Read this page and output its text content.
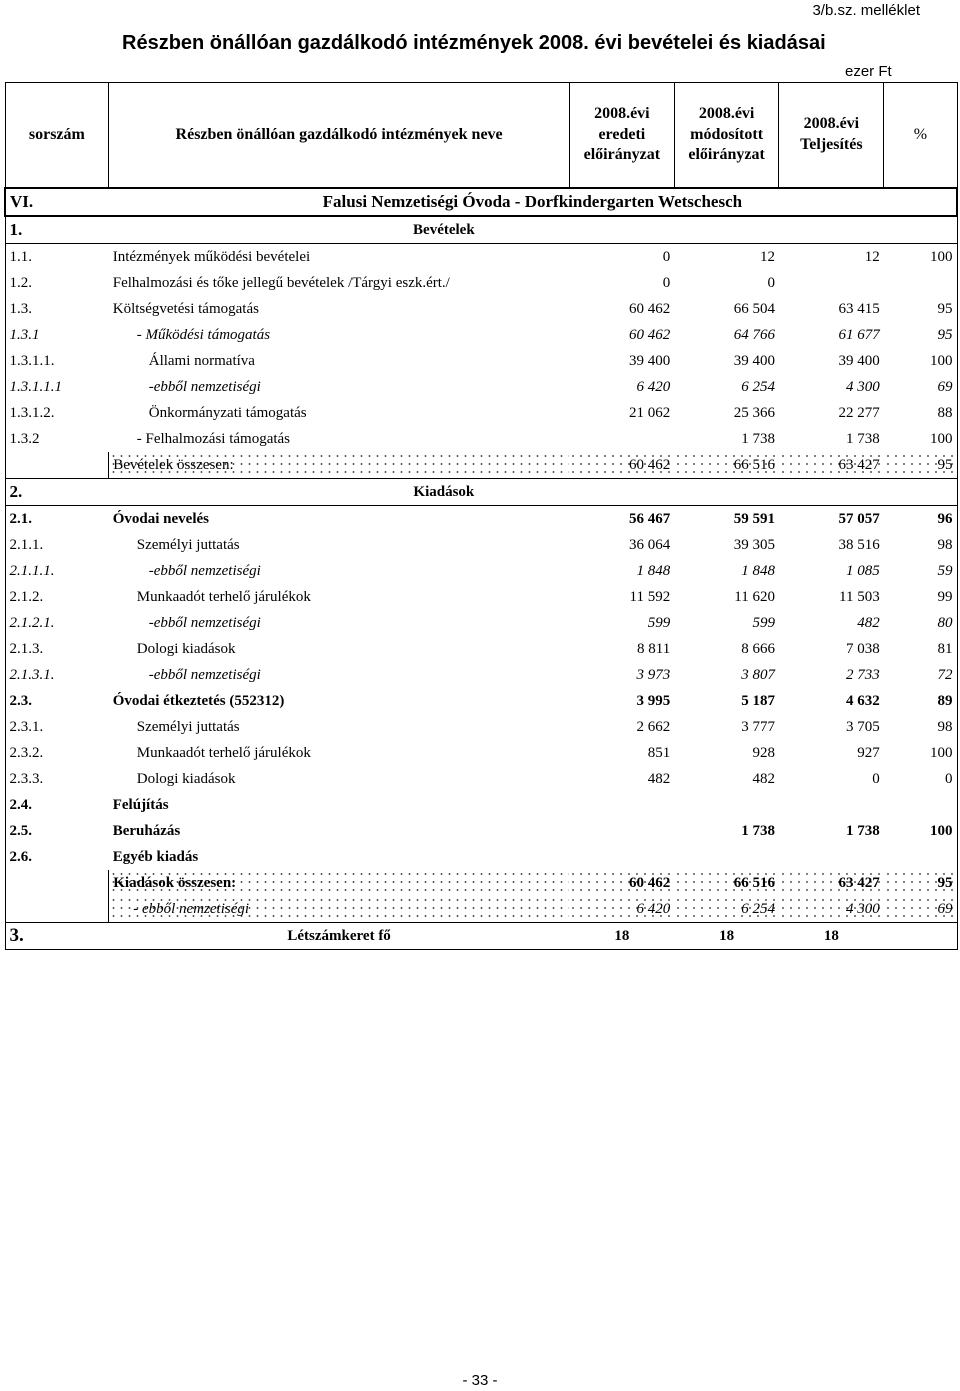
3/b.sz. melléklet
Részben önállóan gazdálkodó intézmények 2008. évi bevételei és kiadásai
ezer Ft
sorszám	Részben önállóan gazdálkodó intézmények neve	2008.évi eredeti előirányzat	2008.évi módosított előirányzat	2008.évi Teljesítés	%
VI.	Falusi Nemzetiségi Óvoda - Dorfkindergarten Wetschesch				
1.	Bevételek				
1.1.	Intézmények működési bevételei	0	12	12	100
1.2.	Felhalmozási és tőke jellegű bevételek /Tárgyi eszk.ért./	0	0		
1.3.	Költségvetési támogatás	60 462	66 504	63 415	95
1.3.1	- Működési támogatás	60 462	64 766	61 677	95
1.3.1.1.	Állami normatíva	39 400	39 400	39 400	100
1.3.1.1.1	-ebből nemzetiségi	6 420	6 254	4 300	69
1.3.1.2.	Önkormányzati támogatás	21 062	25 366	22 277	88
1.3.2	- Felhalmozási támogatás		1 738	1 738	100
	Bevételek összesen:	60 462	66 516	63 427	95
2.	Kiadások				
2.1.	Óvodai nevelés	56 467	59 591	57 057	96
2.1.1.	Személyi juttatás	36 064	39 305	38 516	98
2.1.1.1.	-ebből nemzetiségi	1 848	1 848	1 085	59
2.1.2.	Munkaadót terhelő járulékok	11 592	11 620	11 503	99
2.1.2.1.	-ebből nemzetiségi	599	599	482	80
2.1.3.	Dologi kiadások	8 811	8 666	7 038	81
2.1.3.1.	-ebből nemzetiségi	3 973	3 807	2 733	72
2.3.	Óvodai étkeztetés (552312)	3 995	5 187	4 632	89
2.3.1.	Személyi juttatás	2 662	3 777	3 705	98
2.3.2.	Munkaadót terhelő járulékok	851	928	927	100
2.3.3.	Dologi kiadások	482	482	0	0
2.4.	Felújítás				
2.5.	Beruházás		1 738	1 738	100
2.6.	Egyéb kiadás				
	Kiadások összesen:	60 462	66 516	63 427	95
	- ebből nemzetiségi	6 420	6 254	4 300	69
3.	Létszámkeret fő	18	18	18	
- 33 -
